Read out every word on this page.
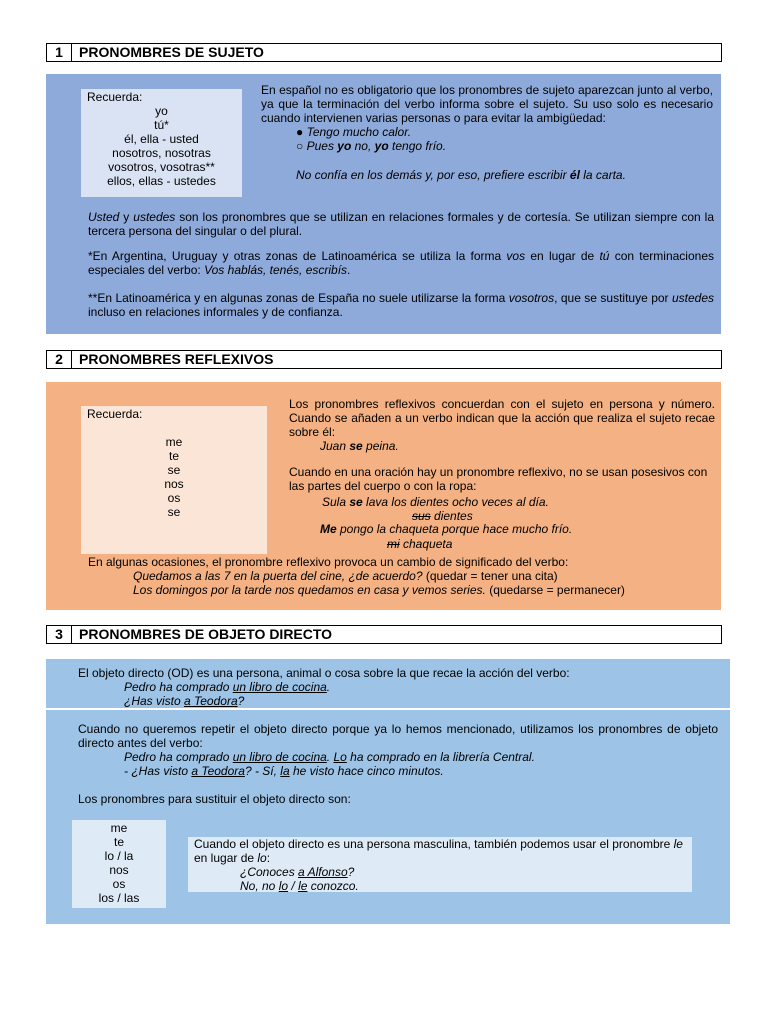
1	PRONOMBRES DE SUJETO
Recuerda:
yo
tú*
él, ella - usted
nosotros, nosotras
vosotros, vosotras**
ellos, ellas - ustedes
En español no es obligatorio que los pronombres de sujeto aparezcan junto al verbo, ya que la terminación del verbo informa sobre el sujeto. Su uso solo es necesario cuando intervienen varias personas o para evitar la ambigüedad:
● Tengo mucho calor.
○ Pues yo no, yo tengo frío.
No confía en los demás y, por eso, prefiere escribir él la carta.
Usted y ustedes son los pronombres que se utilizan en relaciones formales y de cortesía. Se utilizan siempre con la tercera persona del singular o del plural.
*En Argentina, Uruguay y otras zonas de Latinoamérica se utiliza la forma vos en lugar de tú con terminaciones especiales del verbo: Vos hablás, tenés, escribís.
**En Latinoamérica y en algunas zonas de España no suele utilizarse la forma vosotros, que se sustituye por ustedes incluso en relaciones informales y de confianza.
2	PRONOMBRES REFLEXIVOS
Recuerda:
me
te
se
nos
os
se
Los pronombres reflexivos concuerdan con el sujeto en persona y número. Cuando se añaden a un verbo indican que la acción que realiza el sujeto recae sobre él:
Juan se peina.
Cuando en una oración hay un pronombre reflexivo, no se usan posesivos con las partes del cuerpo o con la ropa:
Sula se lava los dientes ocho veces al día.
sus dientes
Me pongo la chaqueta porque hace mucho frío.
mi chaqueta
En algunas ocasiones, el pronombre reflexivo provoca un cambio de significado del verbo:
Quedamos a las 7 en la puerta del cine, ¿de acuerdo? (quedar = tener una cita)
Los domingos por la tarde nos quedamos en casa y vemos series. (quedarse = permanecer)
3	PRONOMBRES DE OBJETO DIRECTO
El objeto directo (OD) es una persona, animal o cosa sobre la que recae la acción del verbo:
Pedro ha comprado un libro de cocina.
¿Has visto a Teodora?
Cuando no queremos repetir el objeto directo porque ya lo hemos mencionado, utilizamos los pronombres de objeto directo antes del verbo:
Pedro ha comprado un libro de cocina. Lo ha comprado en la librería Central.
- ¿Has visto a Teodora? - Sí, la he visto hace cinco minutos.
Los pronombres para sustituir el objeto directo son:
me
te
lo / la
nos
os
los / las
Cuando el objeto directo es una persona masculina, también podemos usar el pronombre le en lugar de lo:
¿Conoces a Alfonso?
No, no lo / le conozco.
